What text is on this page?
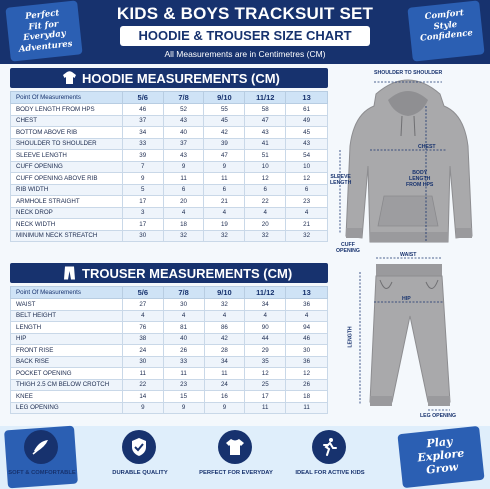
Perfect
Fit for
Everyday
Adventures
KIDS & BOYS TRACKSUIT SET
HOODIE & TROUSER SIZE CHART
All Measurements are in Centimetres (CM)
Comfort
Style
Confidence
HOODIE MEASUREMENTS (CM)
Point Of Measurements	5/6	7/8	9/10	11/12	13
BODY LENGTH FROM HPS	46	52	55	58	61
CHEST	37	43	45	47	49
BOTTOM ABOVE RIB	34	40	42	43	45
SHOULDER TO SHOULDER	33	37	39	41	43
SLEEVE LENGTH	39	43	47	51	54
CUFF OPENING	7	9	9	10	10
CUFF OPENING ABOVE RIB	9	11	11	12	12
RIB WIDTH	5	6	6	6	6
ARMHOLE STRAIGHT	17	20	21	22	23
NECK DROP	3	4	4	4	4
NECK WIDTH	17	18	19	20	21
MINIMUM NECK STREATCH	30	32	32	32	32
TROUSER MEASUREMENTS (CM)
Point Of Measurements	5/6	7/8	9/10	11/12	13
WAIST	27	30	32	34	36
BELT HEIGHT	4	4	4	4	4
LENGTH	76	81	86	90	94
HIP	38	40	42	44	46
FRONT RISE	24	26	28	29	30
BACK RISE	30	33	34	35	36
POCKET OPENING	11	11	11	12	12
THIGH 2.5 CM BELOW CROTCH	22	23	24	25	26
KNEE	14	15	16	17	18
LEG OPENING	9	9	9	11	11
SHOULDER TO SHOULDER
CHEST
SLEEVE
LENGTH
BODY
LENGTH
FROM HPS
CUFF
OPENING
WAIST
HIP
LENGTH
LEG OPENING
SOFT & COMFORTABLE	DURABLE QUALITY	PERFECT FOR EVERYDAY	IDEAL FOR ACTIVE KIDS
Play
Explore
Grow
